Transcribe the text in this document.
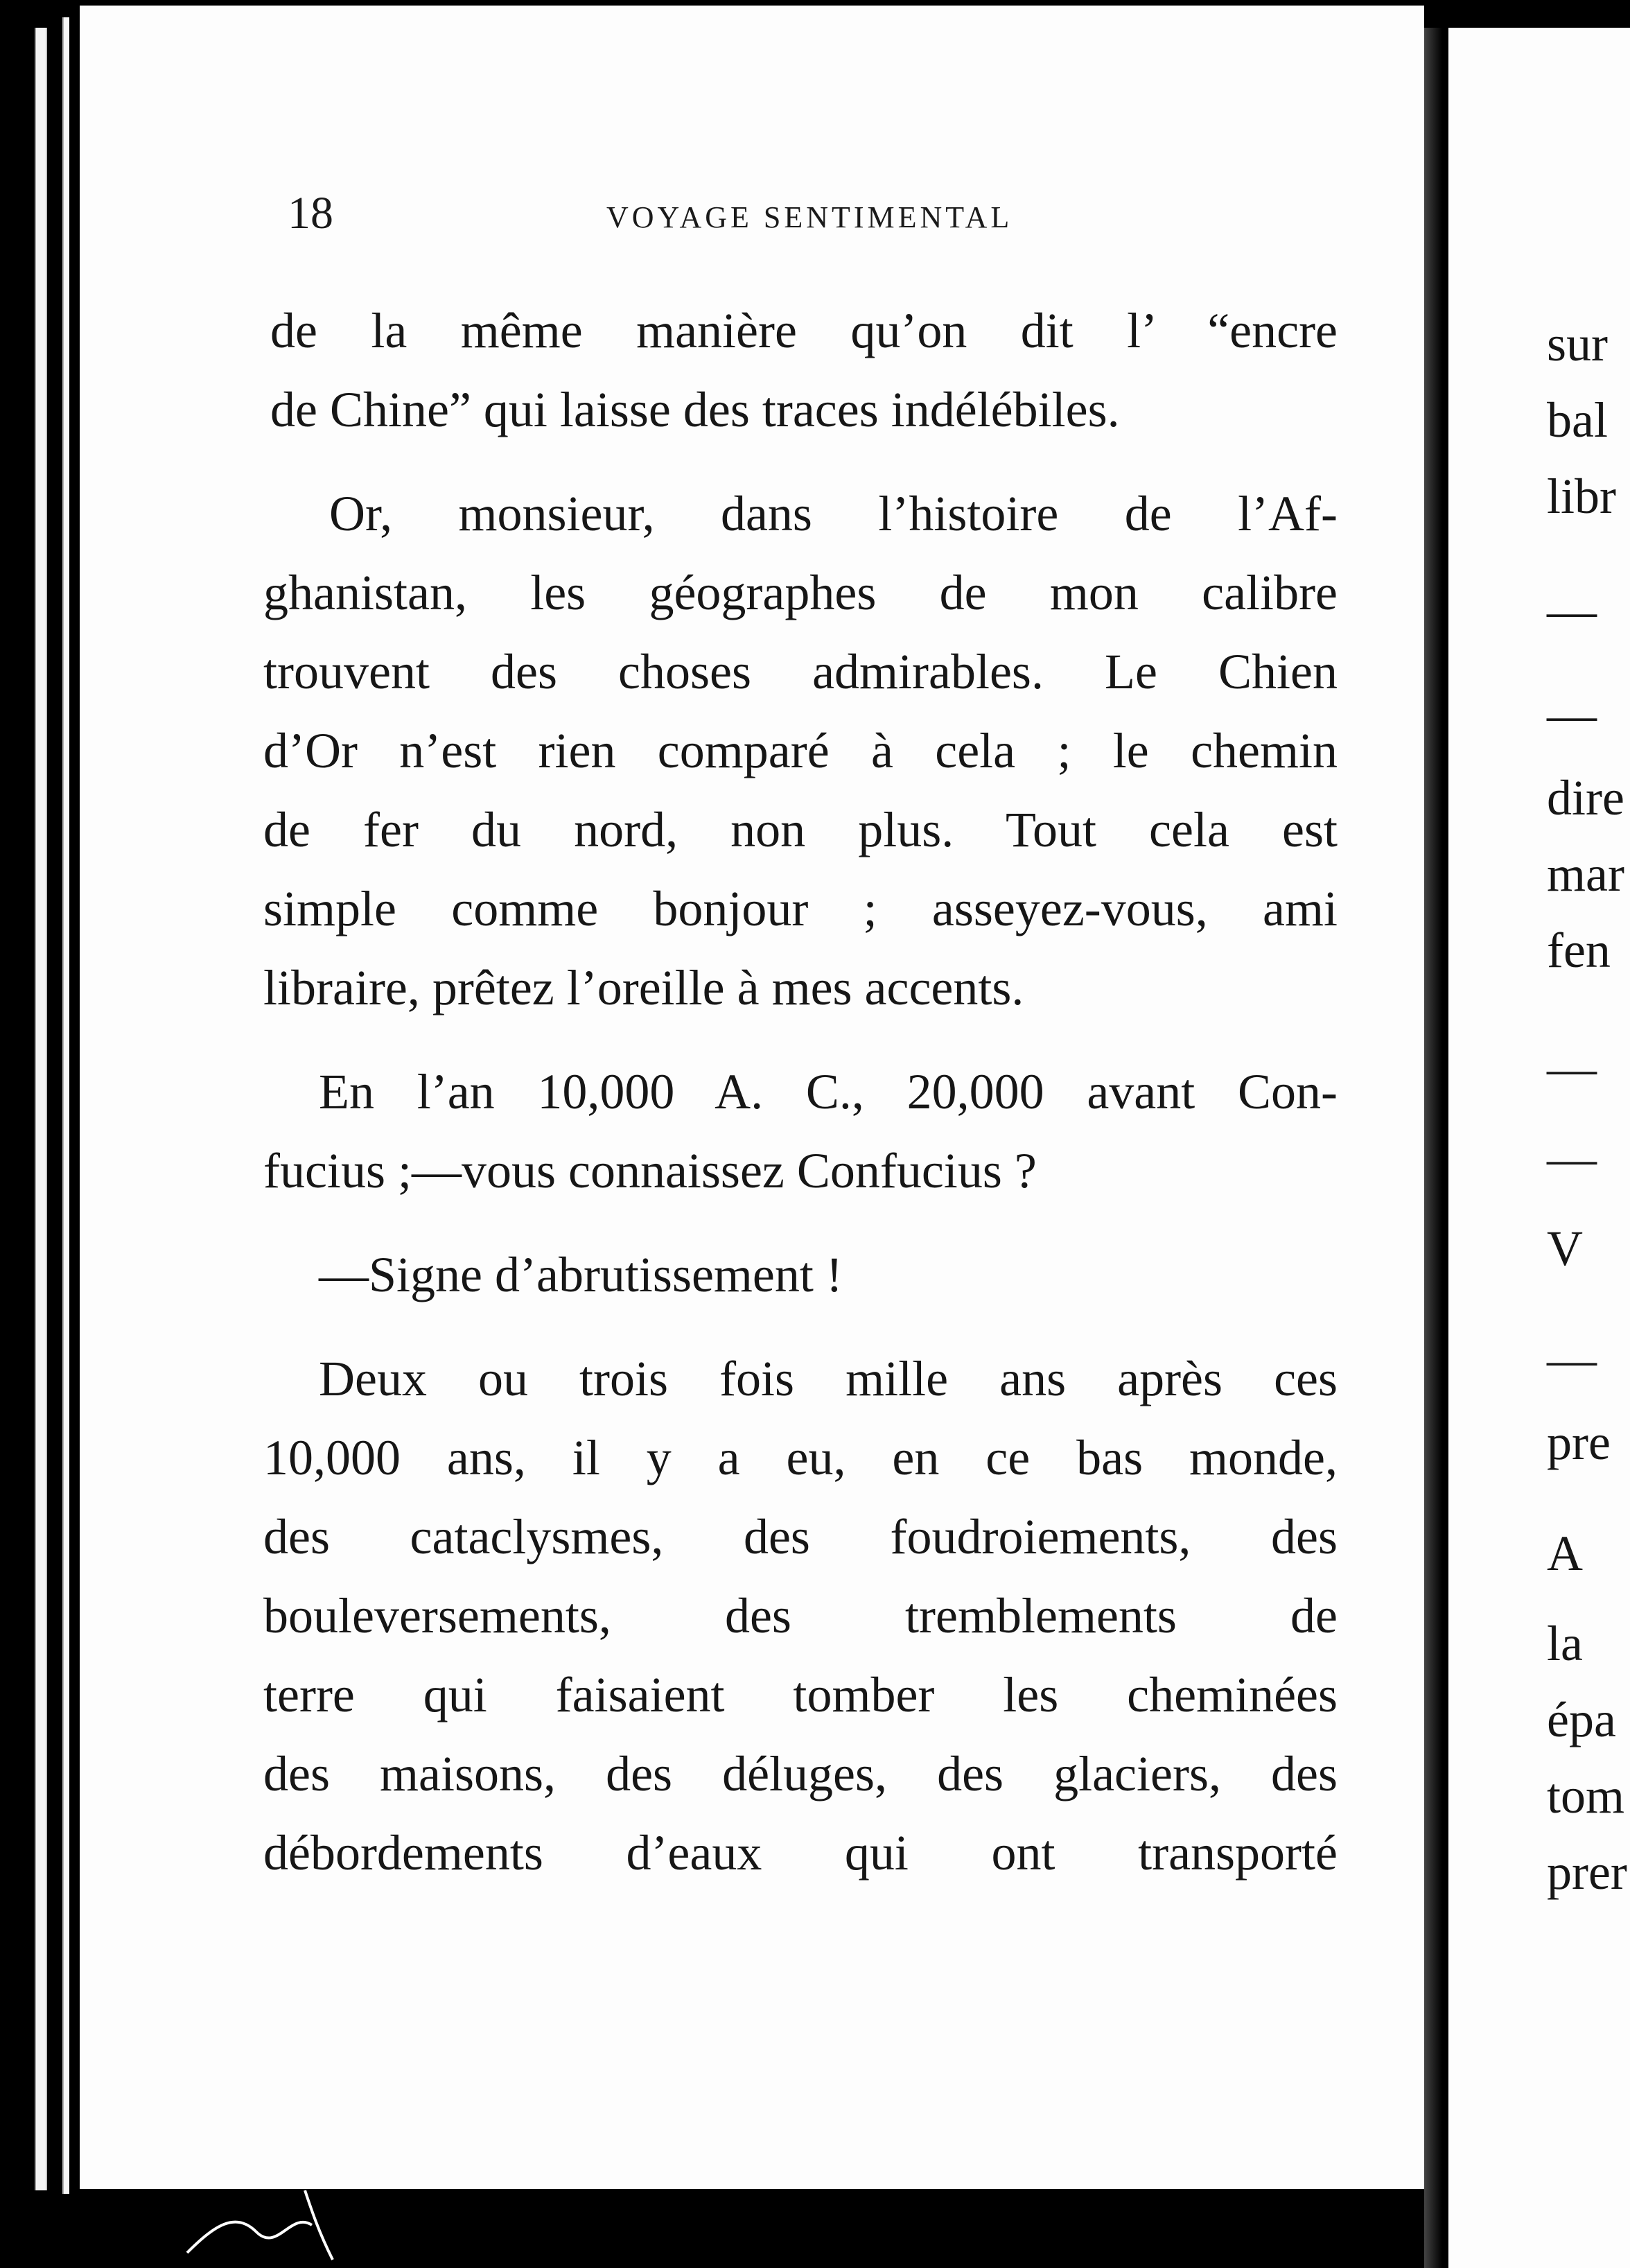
18	VOYAGE SENTIMENTAL
de la même manière qu’on dit l’ “encre
de Chine” qui laisse des traces indélébiles.
Or, monsieur, dans l’histoire de l’Af-
ghanistan, les géographes de mon calibre
trouvent des choses admirables. Le Chien
d’Or n’est rien comparé à cela ; le chemin
de fer du nord, non plus. Tout cela est
simple comme bonjour ; asseyez-vous, ami
libraire, prêtez l’oreille à mes accents.
En l’an 10,000 A. C., 20,000 avant Con-
fucius ;—vous connaissez Confucius ?
—Signe d’abrutissement !
Deux ou trois fois mille ans après ces
10,000 ans, il y a eu, en ce bas monde,
des cataclysmes, des foudroiements, des
bouleversements, des tremblements de
terre qui faisaient tomber les cheminées
des maisons, des déluges, des glaciers, des
débordements d’eaux qui ont transporté
sur
bal
libr
—
—
dire
mar
fen
—
—
V
—
pre
A
la
épa
tom
prer
